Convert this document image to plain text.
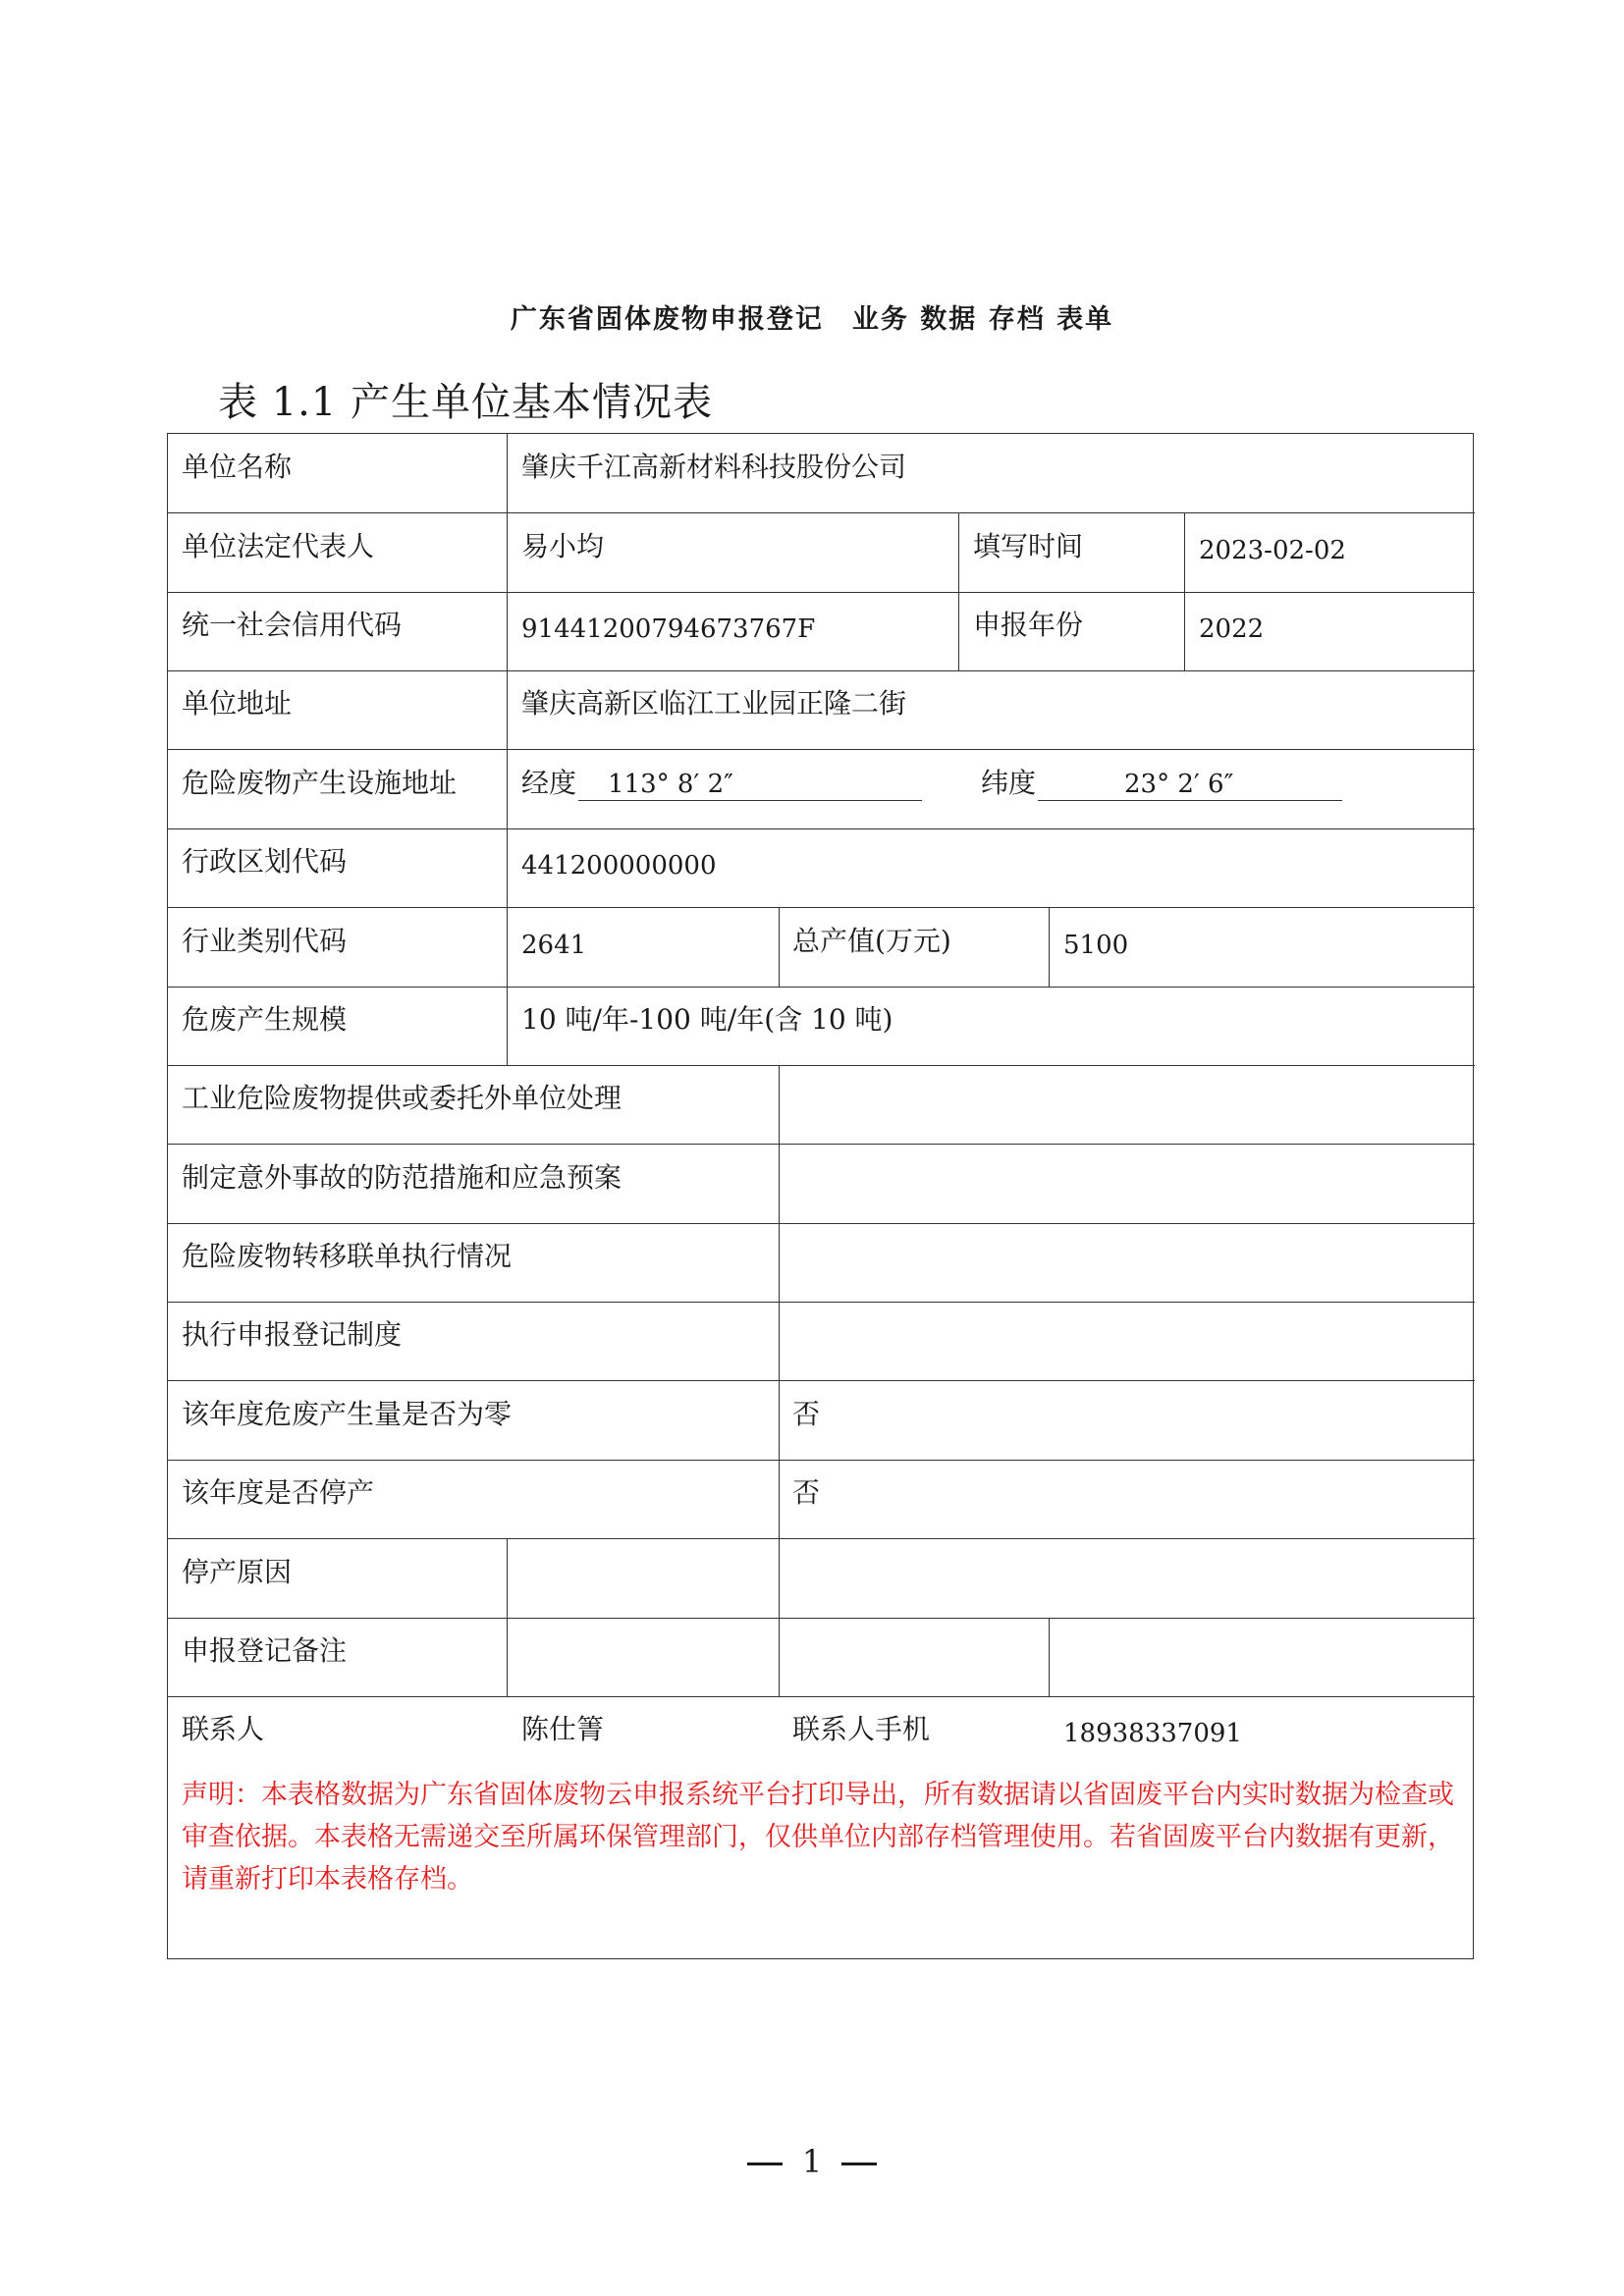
广东省固体废物申报登记　业务 数据 存档 表单
表 1.1 产生单位基本情况表
单位名称	肇庆千江高新材料科技股份公司
单位法定代表人	易小均	填写时间	2023-02-02
统一社会信用代码	91441200794673767F	申报年份	2022
单位地址	肇庆高新区临江工业园正隆二街
危险废物产生设施地址 经度	113° 8′ 2″	纬度	23° 2′ 6″
行政区划代码	441200000000
行业类别代码	2641	总产值(万元)	5100
危废产生规模	10 吨/年-100 吨/年(含 10 吨)
工业危险废物提供或委托外单位处理
制定意外事故的防范措施和应急预案
危险废物转移联单执行情况
执行申报登记制度
该年度危废产生量是否为零	否
该年度是否停产	否
停产原因
申报登记备注
联系人	陈仕箐	联系人手机	18938337091
声明：本表格数据为广东省固体废物云申报系统平台打印导出，所有数据请以省固废平台内实时数据为检查或审查依据。本表格无需递交至所属环保管理部门，仅供单位内部存档管理使用。若省固废平台内数据有更新，请重新打印本表格存档。
1
